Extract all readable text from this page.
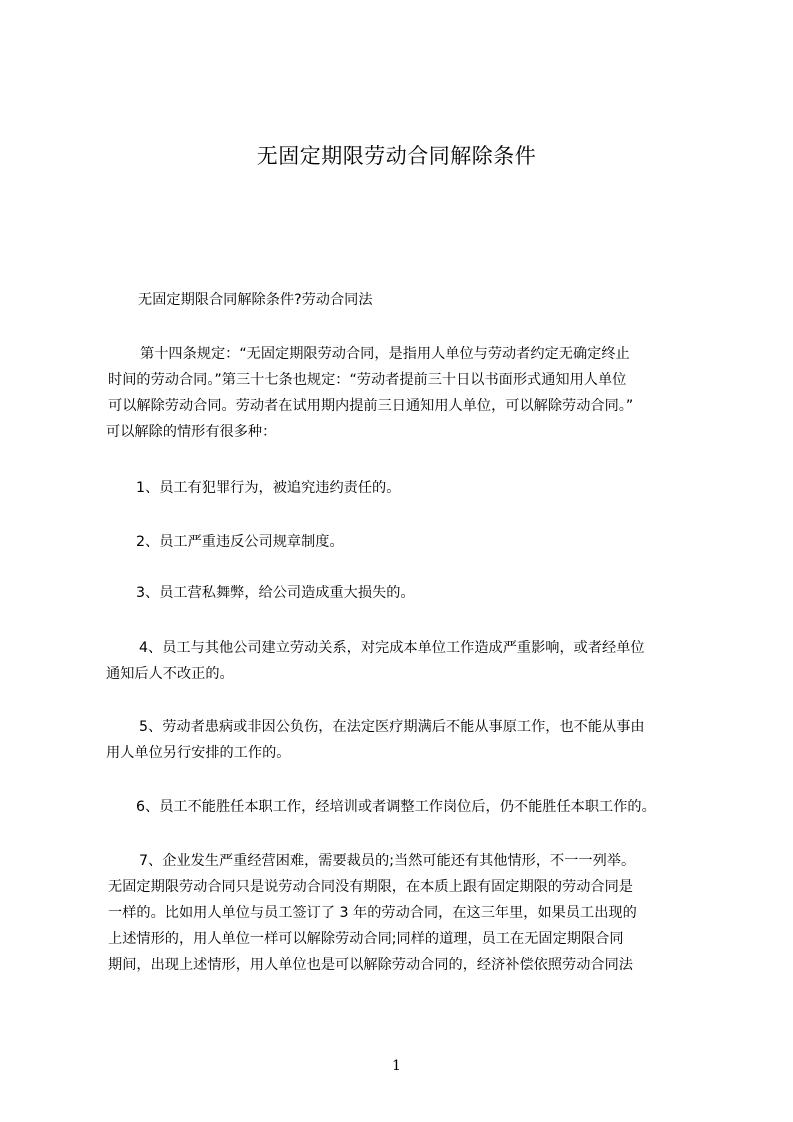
无固定期限劳动合同解除条件

无固定期限合同解除条件?劳动合同法

第十四条规定：“无固定期限劳动合同，是指用人单位与劳动者约定无确定终止

时间的劳动合同。”第三十七条也规定：“劳动者提前三十日以书面形式通知用人单位

可以解除劳动合同。劳动者在试用期内提前三日通知用人单位，可以解除劳动合同。”

可以解除的情形有很多种：

1、员工有犯罪行为，被追究违约责任的。

2、员工严重违反公司规章制度。

3、员工营私舞弊，给公司造成重大损失的。

4、员工与其他公司建立劳动关系，对完成本单位工作造成严重影响，或者经单位

通知后人不改正的。

5、劳动者患病或非因公负伤，在法定医疗期满后不能从事原工作，也不能从事由

用人单位另行安排的工作的。

6、员工不能胜任本职工作，经培训或者调整工作岗位后，仍不能胜任本职工作的。

7、企业发生严重经营困难，需要裁员的;当然可能还有其他情形，不一一列举。

无固定期限劳动合同只是说劳动合同没有期限，在本质上跟有固定期限的劳动合同是

一样的。比如用人单位与员工签订了 3 年的劳动合同，在这三年里，如果员工出现的

上述情形的，用人单位一样可以解除劳动合同;同样的道理，员工在无固定期限合同

期间，出现上述情形，用人单位也是可以解除劳动合同的，经济补偿依照劳动合同法

1
